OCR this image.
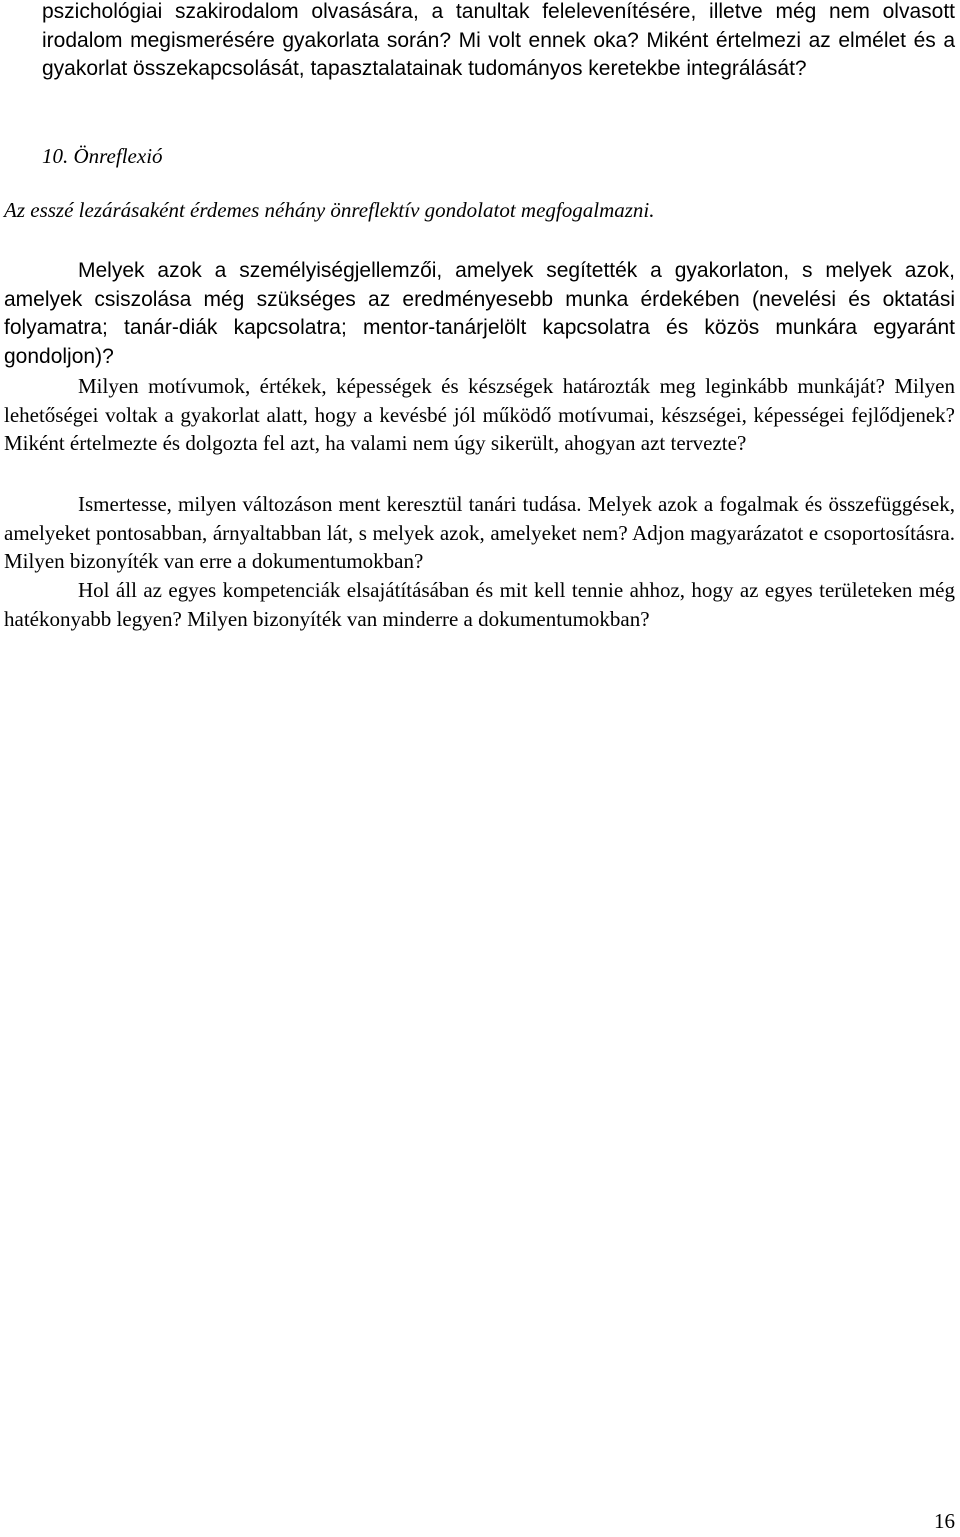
pszichológiai szakirodalom olvasására, a tanultak felelevenítésére, illetve még nem olvasott irodalom megismerésére gyakorlata során? Mi volt ennek oka? Miként értelmezi az elmélet és a gyakorlat összekapcsolását, tapasztalatainak tudományos keretekbe integrálását?

10. Önreflexió

Az esszé lezárásaként érdemes néhány önreflektív gondolatot megfogalmazni.

Melyek azok a személyiségjellemzői, amelyek segítették a gyakorlaton, s melyek azok, amelyek csiszolása még szükséges az eredményesebb munka érdekében (nevelési és oktatási folyamatra; tanár-diák kapcsolatra; mentor-tanárjelölt kapcsolatra és közös munkára egyaránt gondoljon)?

Milyen motívumok, értékek, képességek és készségek határozták meg leginkább munkáját? Milyen lehetőségei voltak a gyakorlat alatt, hogy a kevésbé jól működő motívumai, készségei, képességei fejlődjenek? Miként értelmezte és dolgozta fel azt, ha valami nem úgy sikerült, ahogyan azt tervezte?

Ismertesse, milyen változáson ment keresztül tanári tudása. Melyek azok a fogalmak és összefüggések, amelyeket pontosabban, árnyaltabban lát, s melyek azok, amelyeket nem? Adjon magyarázatot e csoportosításra. Milyen bizonyíték van erre a dokumentumokban?

Hol áll az egyes kompetenciák elsajátításában és mit kell tennie ahhoz, hogy az egyes területeken még hatékonyabb legyen? Milyen bizonyíték van minderre a dokumentumokban?

16
